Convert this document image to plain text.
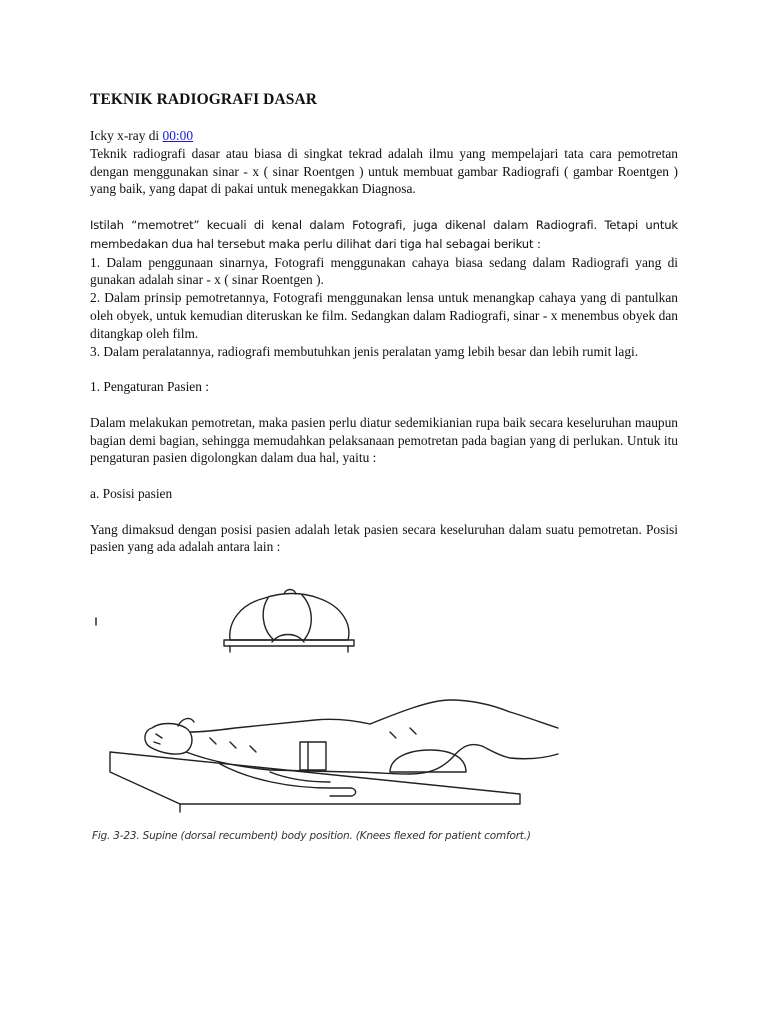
TEKNIK RADIOGRAFI DASAR

Icky x-ray di 00:00

Teknik radiografi dasar atau biasa di singkat tekrad adalah ilmu yang mempelajari tata cara pemotretan dengan menggunakan sinar - x ( sinar Roentgen ) untuk membuat gambar Radiografi ( gambar Roentgen ) yang baik, yang dapat di pakai untuk menegakkan Diagnosa.

Istilah “memotret” kecuali di kenal dalam Fotografi, juga dikenal dalam Radiografi. Tetapi untuk membedakan dua hal tersebut maka perlu dilihat dari tiga hal sebagai berikut :

1. Dalam penggunaan sinarnya, Fotografi menggunakan cahaya biasa sedang dalam Radiografi yang di gunakan adalah sinar - x ( sinar Roentgen ).

2. Dalam prinsip pemotretannya, Fotografi menggunakan lensa untuk menangkap cahaya yang di pantulkan oleh obyek, untuk kemudian diteruskan ke film. Sedangkan dalam Radiografi, sinar - x menembus obyek dan ditangkap oleh film.

3. Dalam peralatannya, radiografi membutuhkan jenis peralatan yamg lebih besar dan lebih rumit lagi.

1. Pengaturan Pasien :

Dalam melakukan pemotretan, maka pasien perlu diatur sedemikianian rupa baik secara keseluruhan maupun bagian demi bagian, sehingga memudahkan pelaksanaan pemotretan pada bagian yang di perlukan. Untuk itu pengaturan pasien digolongkan dalam dua hal, yaitu :

a. Posisi pasien

Yang dimaksud dengan posisi pasien adalah letak pasien secara keseluruhan dalam suatu pemotretan. Posisi pasien yang ada adalah antara lain :

Fig. 3-23. Supine (dorsal recumbent) body position. (Knees flexed for patient comfort.)
